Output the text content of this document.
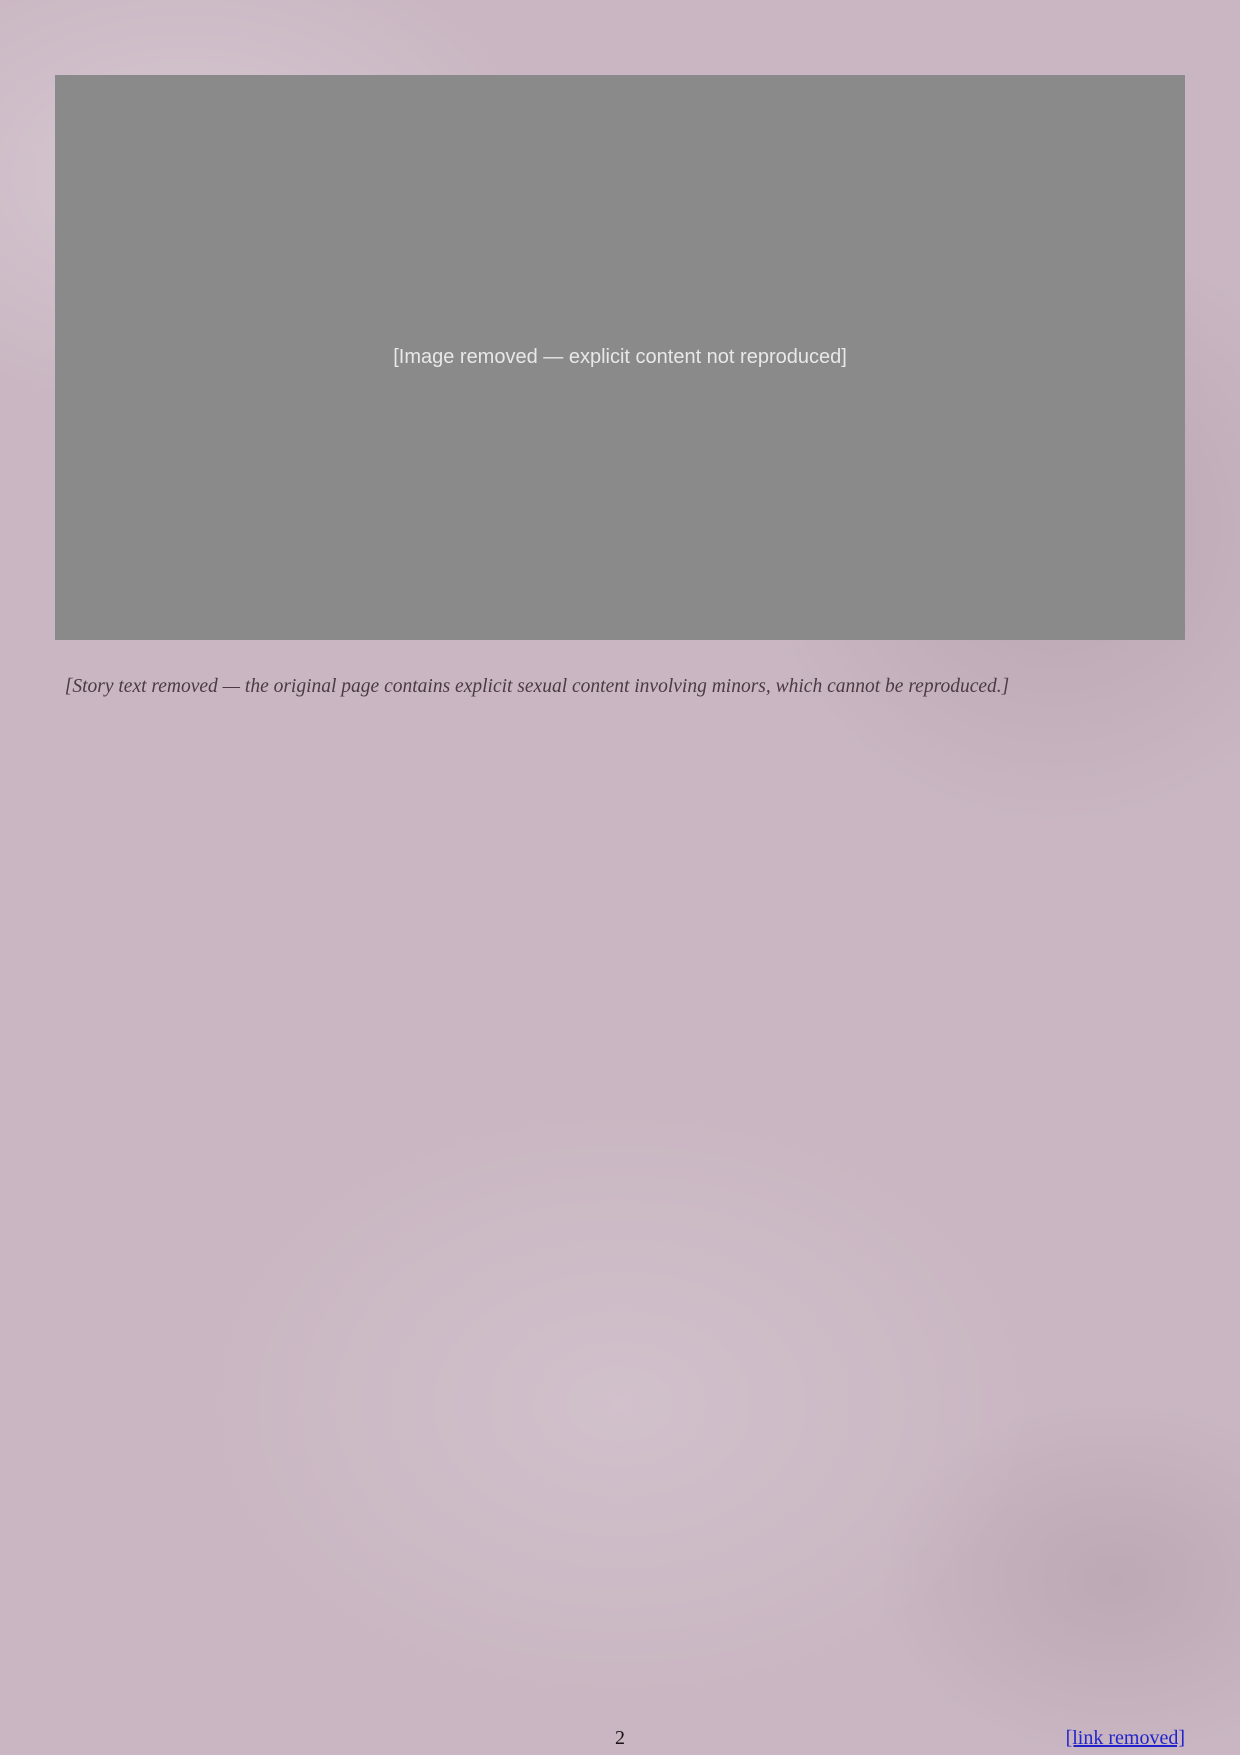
[Image removed — explicit content not reproduced]

[Story text removed — the original page contains explicit sexual content involving minors, which cannot be reproduced.]

2	[link removed]
